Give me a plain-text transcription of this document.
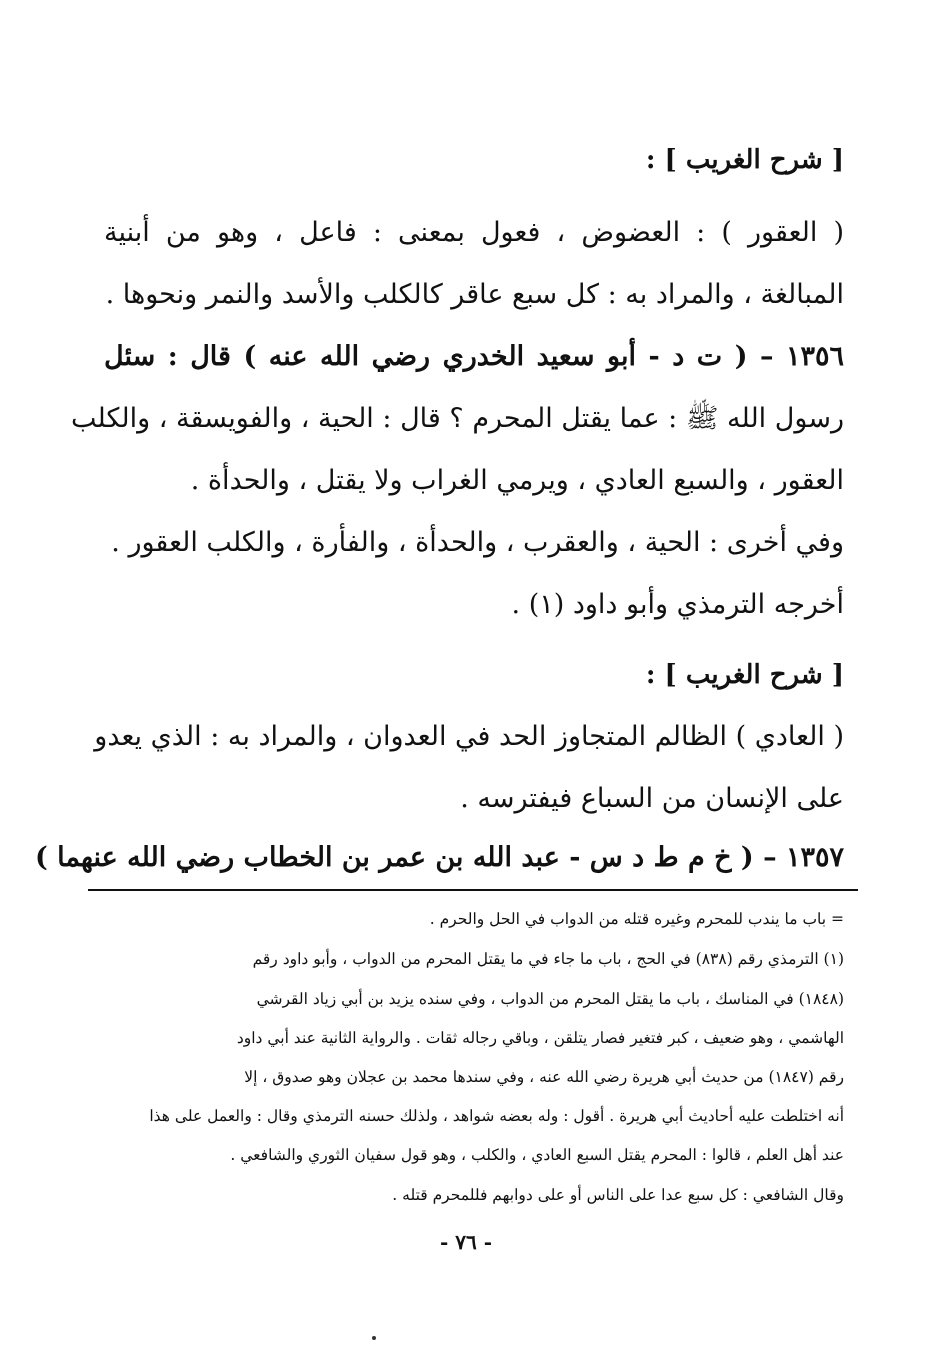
[ شرح الغريب ] :
( العقور ) : العضوض ، فعول بمعنى : فاعل ، وهو من أبنية
المبالغة ، والمراد به : كل سبع عاقر كالكلب والأسد والنمر ونحوها .
١٣٥٦ – ( ت د - أبو سعيد الخدري رضي الله عنه ) قال : سئل
رسول الله ﷺ : عما يقتل المحرم ؟ قال : الحية ، والفويسقة ، والكلب
العقور ، والسبع العادي ، ويرمي الغراب ولا يقتل ، والحدأة .
وفي أخرى : الحية ، والعقرب ، والحدأة ، والفأرة ، والكلب العقور .
أخرجه الترمذي وأبو داود (١) .
[ شرح الغريب ] :
( العادي ) الظالم المتجاوز الحد في العدوان ، والمراد به : الذي يعدو
على الإنسان من السباع فيفترسه .
١٣٥٧ – ( خ م ط د س - عبد الله بن عمر بن الخطاب رضي الله عنهما )
= باب ما يندب للمحرم وغيره قتله من الدواب في الحل والحرم .
(١) الترمذي رقم (٨٣٨) في الحج ، باب ما جاء في ما يقتل المحرم من الدواب ، وأبو داود رقم
(١٨٤٨) في المناسك ، باب ما يقتل المحرم من الدواب ، وفي سنده يزيد بن أبي زياد القرشي
الهاشمي ، وهو ضعيف ، كبر فتغير فصار يتلقن ، وباقي رجاله ثقات . والرواية الثانية عند أبي داود
رقم (١٨٤٧) من حديث أبي هريرة رضي الله عنه ، وفي سندها محمد بن عجلان وهو صدوق ، إلا
أنه اختلطت عليه أحاديث أبي هريرة . أقول : وله بعضه شواهد ، ولذلك حسنه الترمذي وقال : والعمل على هذا
عند أهل العلم ، قالوا : المحرم يقتل السبع العادي ، والكلب ، وهو قول سفيان الثوري والشافعي .
وقال الشافعي : كل سبع عدا على الناس أو على دوابهم فللمحرم قتله .
- ٧٦ -
